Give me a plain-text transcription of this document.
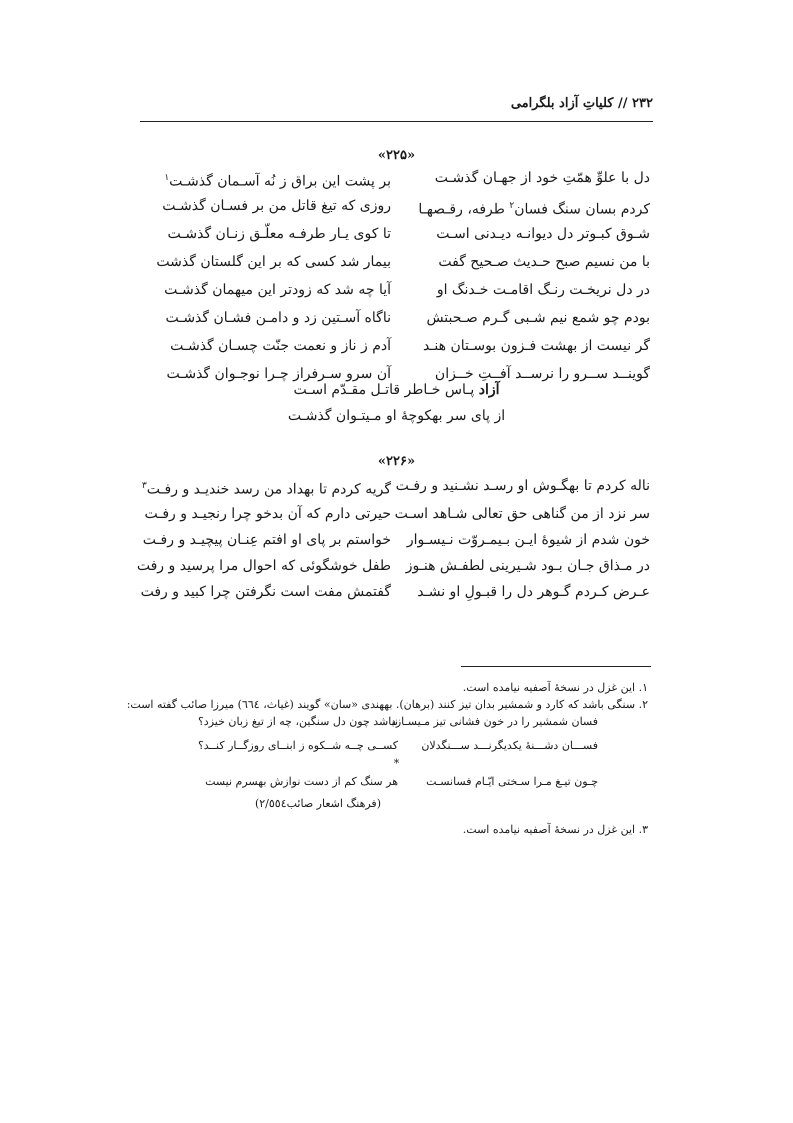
۲۳۲ // کلیاتِ آزاد بلگرامی
«۲۲۵»
دل با علوِّ همّتِ خود از جهـان گذشـت
بر پشت این براق ز نُه آسـمان گذشـت$^۱$
کردم بسان سنگ فسان$^۲$ طرفه، رقـصهـا
روزی که تیغ قاتل من بر فسـان گذشـت
شـوق کبـوتر دل دیوانـه دیـدنی اسـت
تا کوی یـار طرفـه معلّـق زنـان گذشـت
با من نسیم صبح حـدیث صـحیح گفت
بیمار شد کسی که بر این گلستان گذشت
در دل نریخـت رنـگ اقامـت خـدنگ او
آیا چه شد که زودتر این میهمان گذشـت
بودم چو شمع نیم شـبی گـرم صـحبتش
ناگاه آسـتین زد و دامـن فشـان گذشـت
گر نیست از بهشت فـزون بوسـتان هنـد
آدم ز ناز و نعمت جنّت چسـان گذشـت
گوینــد ســرو را نرســد آفــتِ خــزان
آن سرو سـرفراز چـرا نوجـوان گذشـت
آزاد پـاس خـاطر قاتـل مقـدّم اسـت
از پای سر بهکوچهٔ او مـیتـوان گذشـت
«۲۲۶»
ناله کردم تا بهگـوش او رسـد نشـنید و رفـت
گریه کردم تا بهداد من رسد خندیـد و رفـت$^۳$
سر نزد از من گناهی حق تعالی شـاهد اسـت
حیرتی دارم که آن بدخو چرا رنجیـد و رفـت
خون شدم از شیوهٔ ایـن بـیمـروّت نـیسـوار
خواستم بر پای او افتم عِنـان پیچیـد و رفـت
در مـذاق جـان بـود شـیرینی لطفـش هنـوز
طفل خوشگوئی که احوال مرا پرسید و رفت
عـرض کـردم گـوهر دل را قبـولِ او نشـد
گفتمش مفت است نگرفتن چرا کبید و رفت
۱. این غزل در نسخهٔ آصفیه نیامده است.
۲. سنگی باشد که کارد و شمشیر بدان تیز کنند (برهان). بههندی «سان» گویند (غیاث، ٦٦٤) میرزا صائب گفته است:
فسان شمشیر را در خون فشانی تیز مـیسـازد
نباشد چون دل سنگین، چه از تیغ زبان خیزد؟
فســـان دشـــنهٔ یکدیگرنـــد ســـنگدلان
کســی چــه شــکوه ز ابنــای روزگــار کنــد؟
*
چـون تیـغ مـرا سـختی ایّـام فسانسـت
هر سنگ کم از دست نوازش بهسرم نیست
(فرهنگ اشعار صائب۲/٥٥٤)
۳. این غزل در نسخهٔ آصفیه نیامده است.
